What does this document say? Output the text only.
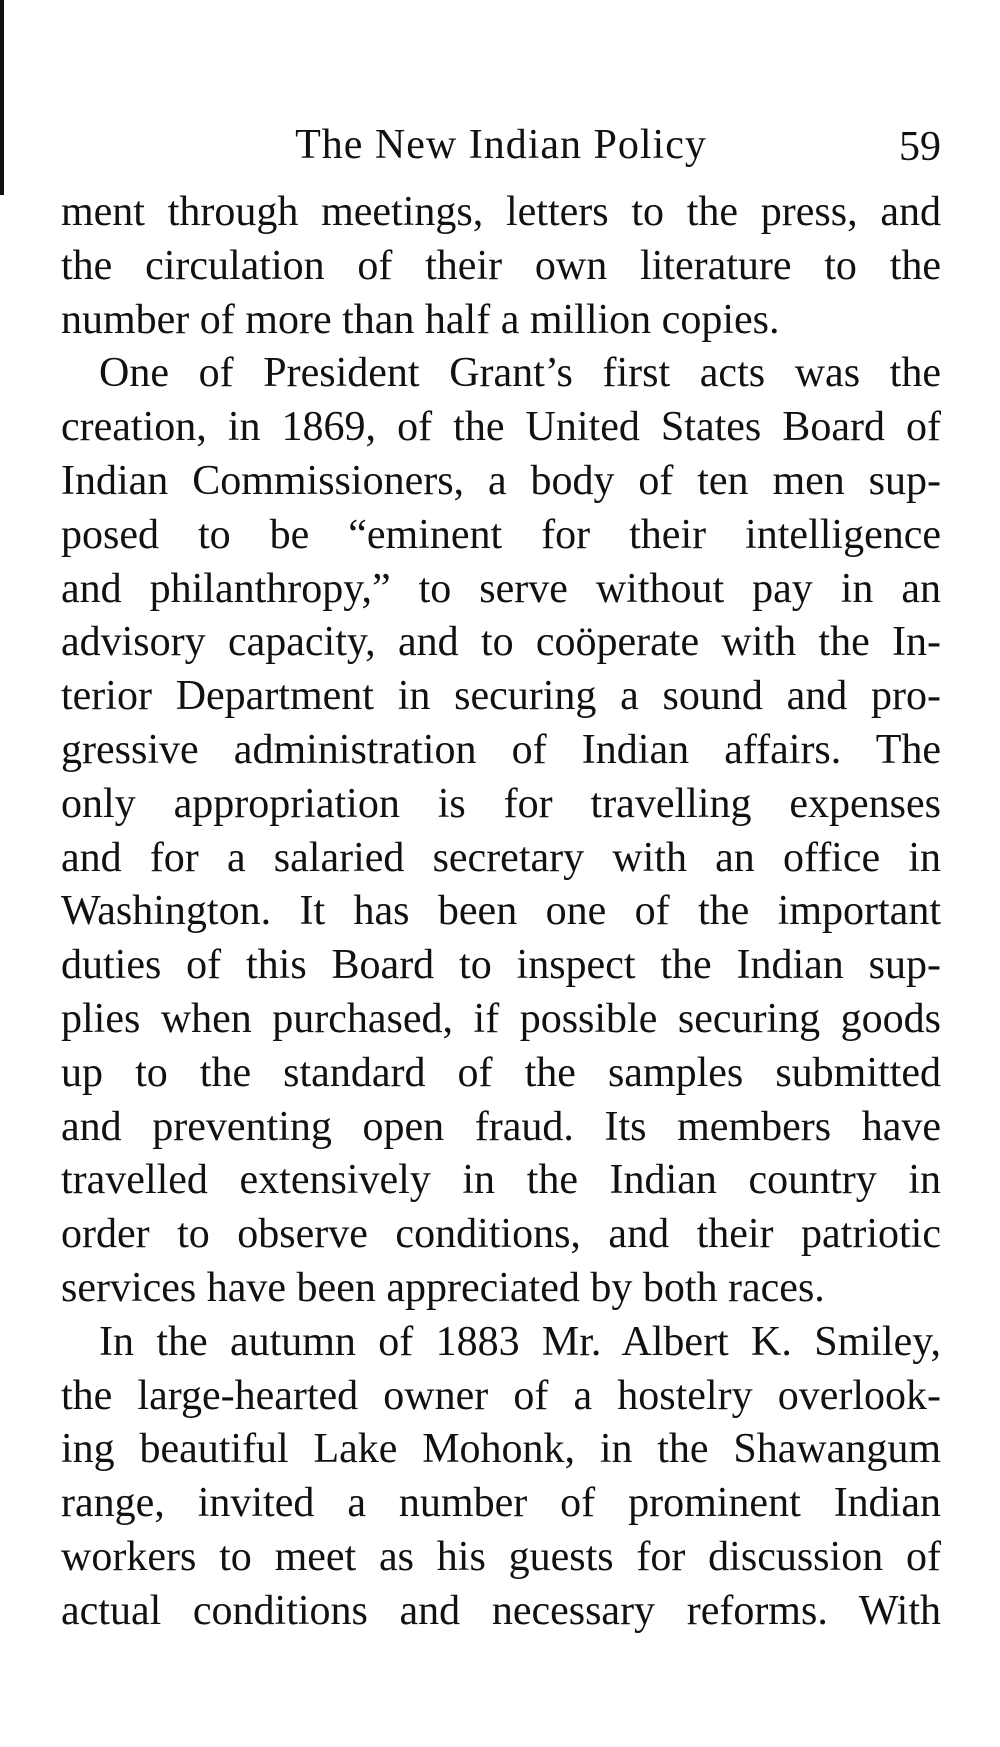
The New Indian Policy	59
ment through meetings, letters to the press, and
the circulation of their own literature to the
number of more than half a million copies.
One of President Grant’s first acts was the
creation, in 1869, of the United States Board of
Indian Commissioners, a body of ten men sup-
posed to be “eminent for their intelligence
and philanthropy,” to serve without pay in an
advisory capacity, and to coöperate with the In-
terior Department in securing a sound and pro-
gressive administration of Indian affairs. The
only appropriation is for travelling expenses
and for a salaried secretary with an office in
Washington. It has been one of the important
duties of this Board to inspect the Indian sup-
plies when purchased, if possible securing goods
up to the standard of the samples submitted
and preventing open fraud. Its members have
travelled extensively in the Indian country in
order to observe conditions, and their patriotic
services have been appreciated by both races.
In the autumn of 1883 Mr. Albert K. Smiley,
the large-hearted owner of a hostelry overlook-
ing beautiful Lake Mohonk, in the Shawangum
range, invited a number of prominent Indian
workers to meet as his guests for discussion of
actual conditions and necessary reforms. With
